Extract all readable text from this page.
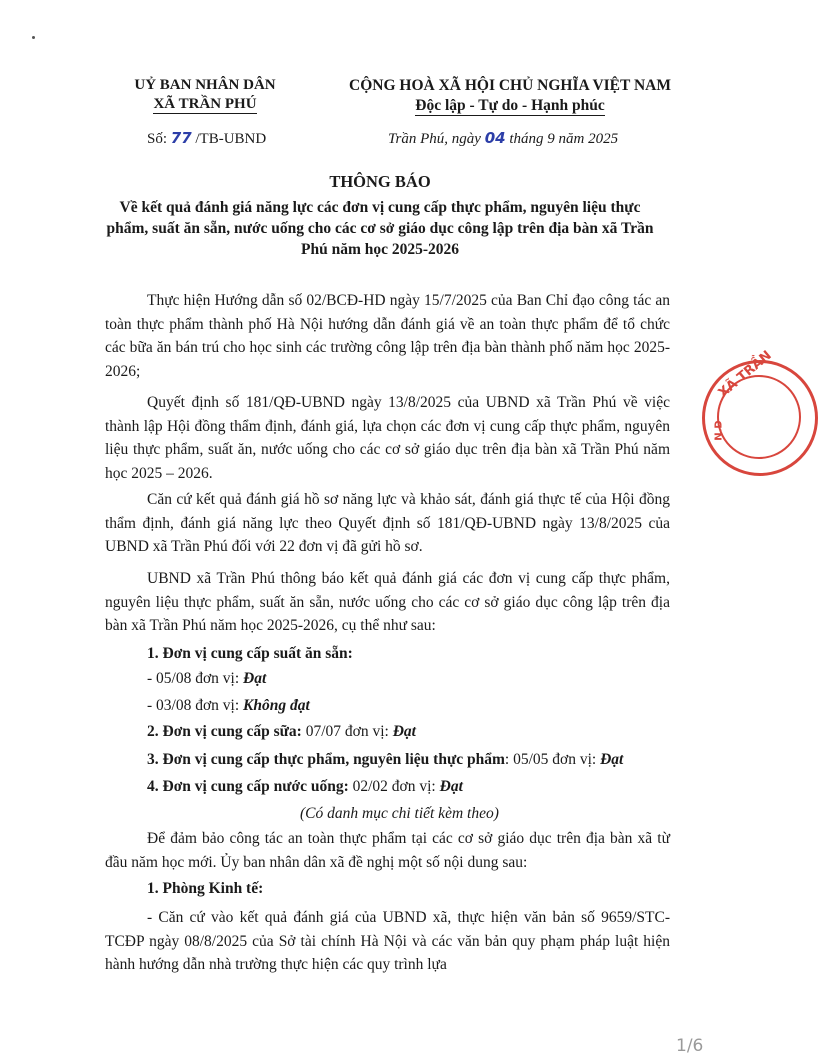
UỶ BAN NHÂN DÂN
XÃ TRẦN PHÚ
Số: 77 /TB-UBND
CỘNG HOÀ XÃ HỘI CHỦ NGHĨA VIỆT NAM
Độc lập - Tự do - Hạnh phúc
Trần Phú, ngày 04 tháng 9 năm 2025
THÔNG BÁO
Về kết quả đánh giá năng lực các đơn vị cung cấp thực phẩm, nguyên liệu thực phẩm, suất ăn sẵn, nước uống cho các cơ sở giáo dục công lập trên địa bàn xã Trần Phú năm học 2025-2026
Thực hiện Hướng dẫn số 02/BCĐ-HD ngày 15/7/2025 của Ban Chỉ đạo công tác an toàn thực phẩm thành phố Hà Nội hướng dẫn đánh giá về an toàn thực phẩm để tổ chức các bữa ăn bán trú cho học sinh các trường công lập trên địa bàn thành phố năm học 2025-2026;
Quyết định số 181/QĐ-UBND ngày 13/8/2025 của UBND xã Trần Phú về việc thành lập Hội đồng thẩm định, đánh giá, lựa chọn các đơn vị cung cấp thực phẩm, nguyên liệu thực phẩm, suất ăn, nước uống cho các cơ sở giáo dục trên địa bàn xã Trần Phú năm học 2025 – 2026.
Căn cứ kết quả đánh giá hồ sơ năng lực và khảo sát, đánh giá thực tế của Hội đồng thẩm định, đánh giá năng lực theo Quyết định số 181/QĐ-UBND ngày 13/8/2025 của UBND xã Trần Phú đối với 22 đơn vị đã gửi hồ sơ.
UBND xã Trần Phú thông báo kết quả đánh giá các đơn vị cung cấp thực phẩm, nguyên liệu thực phẩm, suất ăn sẵn, nước uống cho các cơ sở giáo dục công lập trên địa bàn xã Trần Phú năm học 2025-2026, cụ thể như sau:
1. Đơn vị cung cấp suất ăn sẵn:
- 05/08 đơn vị: Đạt
- 03/08 đơn vị: Không đạt
2. Đơn vị cung cấp sữa: 07/07 đơn vị: Đạt
3. Đơn vị cung cấp thực phẩm, nguyên liệu thực phẩm: 05/05 đơn vị: Đạt
4. Đơn vị cung cấp nước uống: 02/02 đơn vị: Đạt
(Có danh mục chi tiết kèm theo)
Để đảm bảo công tác an toàn thực phẩm tại các cơ sở giáo dục trên địa bàn xã từ đầu năm học mới. Ủy ban nhân dân xã đề nghị một số nội dung sau:
1. Phòng Kinh tế:
- Căn cứ vào kết quả đánh giá của UBND xã, thực hiện văn bản số 9659/STC-TCĐP ngày 08/8/2025 của Sở tài chính Hà Nội và các văn bản quy phạm pháp luật hiện hành hướng dẫn nhà trường thực hiện các quy trình lựa
XÃ TRẦN
N.D
1/6
